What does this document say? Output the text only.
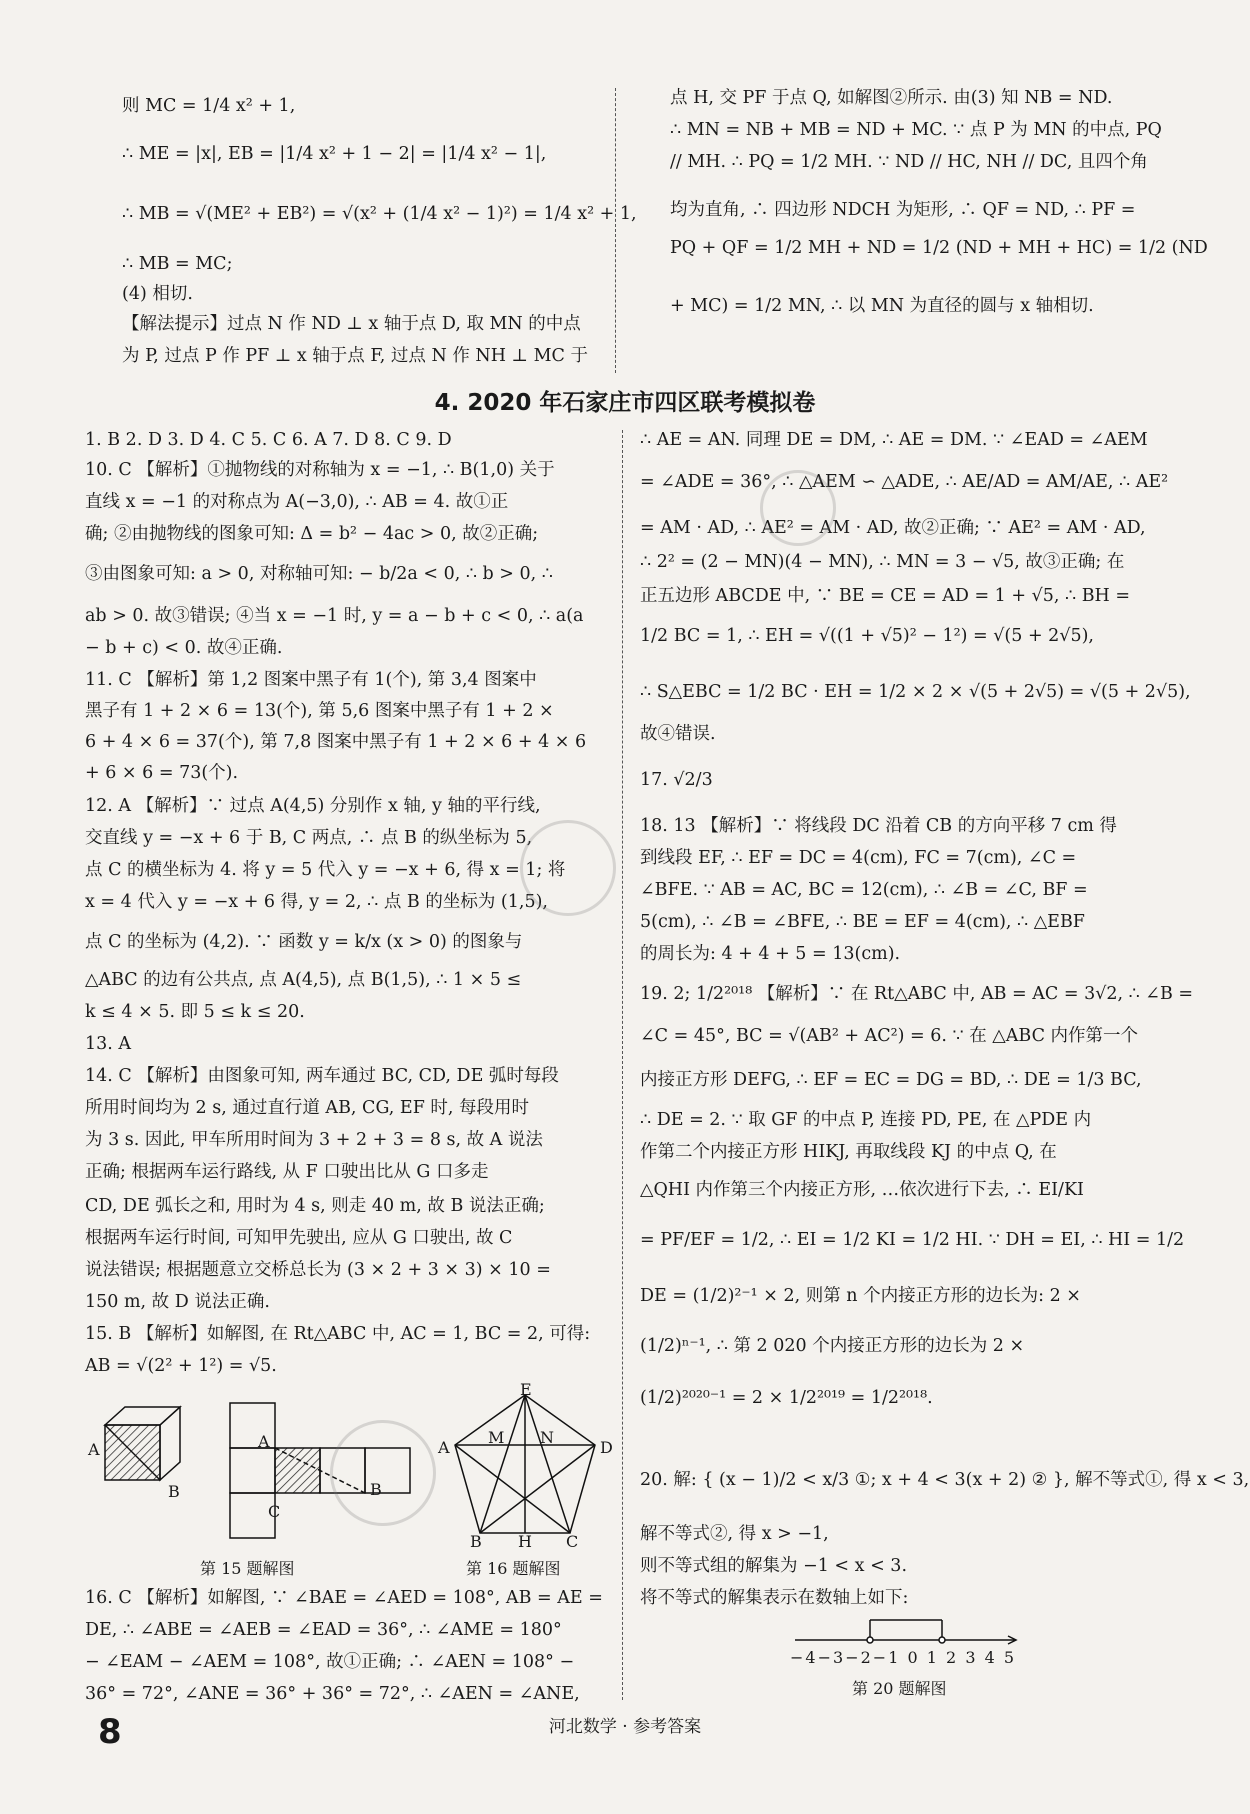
则 MC = 1/4 x² + 1,
∴ ME = |x|, EB = |1/4 x² + 1 − 2| = |1/4 x² − 1|,
∴ MB = √(ME² + EB²) = √(x² + (1/4 x² − 1)²) = 1/4 x² + 1,
∴ MB = MC;
(4) 相切.
【解法提示】过点 N 作 ND ⊥ x 轴于点 D, 取 MN 的中点
为 P, 过点 P 作 PF ⊥ x 轴于点 F, 过点 N 作 NH ⊥ MC 于
点 H, 交 PF 于点 Q, 如解图②所示. 由(3) 知 NB = ND.
∴ MN = NB + MB = ND + MC. ∵ 点 P 为 MN 的中点, PQ
// MH. ∴ PQ = 1/2 MH. ∵ ND // HC, NH // DC, 且四个角
均为直角, ∴ 四边形 NDCH 为矩形, ∴ QF = ND, ∴ PF =
PQ + QF = 1/2 MH + ND = 1/2 (ND + MH + HC) = 1/2 (ND
+ MC) = 1/2 MN, ∴ 以 MN 为直径的圆与 x 轴相切.
4. 2020 年石家庄市四区联考模拟卷
1. B 2. D 3. D 4. C 5. C 6. A 7. D 8. C 9. D
10. C 【解析】①抛物线的对称轴为 x = −1, ∴ B(1,0) 关于
直线 x = −1 的对称点为 A(−3,0), ∴ AB = 4. 故①正
确; ②由抛物线的图象可知: Δ = b² − 4ac > 0, 故②正确;
③由图象可知: a > 0, 对称轴可知: − b/2a < 0, ∴ b > 0, ∴
ab > 0. 故③错误; ④当 x = −1 时, y = a − b + c < 0, ∴ a(a
− b + c) < 0. 故④正确.
11. C 【解析】第 1,2 图案中黑子有 1(个), 第 3,4 图案中
黑子有 1 + 2 × 6 = 13(个), 第 5,6 图案中黑子有 1 + 2 ×
6 + 4 × 6 = 37(个), 第 7,8 图案中黑子有 1 + 2 × 6 + 4 × 6
+ 6 × 6 = 73(个).
12. A 【解析】∵ 过点 A(4,5) 分别作 x 轴, y 轴的平行线,
交直线 y = −x + 6 于 B, C 两点, ∴ 点 B 的纵坐标为 5,
点 C 的横坐标为 4. 将 y = 5 代入 y = −x + 6, 得 x = 1; 将
x = 4 代入 y = −x + 6 得, y = 2, ∴ 点 B 的坐标为 (1,5),
点 C 的坐标为 (4,2). ∵ 函数 y = k/x (x > 0) 的图象与
△ABC 的边有公共点, 点 A(4,5), 点 B(1,5), ∴ 1 × 5 ≤
k ≤ 4 × 5. 即 5 ≤ k ≤ 20.
13. A
14. C 【解析】由图象可知, 两车通过 BC, CD, DE 弧时每段
所用时间均为 2 s, 通过直行道 AB, CG, EF 时, 每段用时
为 3 s. 因此, 甲车所用时间为 3 + 2 + 3 = 8 s, 故 A 说法
正确; 根据两车运行路线, 从 F 口驶出比从 G 口多走
CD, DE 弧长之和, 用时为 4 s, 则走 40 m, 故 B 说法正确;
根据两车运行时间, 可知甲先驶出, 应从 G 口驶出, 故 C
说法错误; 根据题意立交桥总长为 (3 × 2 + 3 × 3) × 10 =
150 m, 故 D 说法正确.
15. B 【解析】如解图, 在 Rt△ABC 中, AC = 1, BC = 2, 可得:
AB = √(2² + 1²) = √5.
A
B
A
B
C
第 15 题解图
E
A	D
M N
B H C
第 16 题解图
16. C 【解析】如解图, ∵ ∠BAE = ∠AED = 108°, AB = AE =
DE, ∴ ∠ABE = ∠AEB = ∠EAD = 36°, ∴ ∠AME = 180°
− ∠EAM − ∠AEM = 108°, 故①正确; ∴ ∠AEN = 108° −
36° = 72°, ∠ANE = 36° + 36° = 72°, ∴ ∠AEN = ∠ANE,
∴ AE = AN. 同理 DE = DM, ∴ AE = DM. ∵ ∠EAD = ∠AEM
= ∠ADE = 36°, ∴ △AEM ∽ △ADE, ∴ AE/AD = AM/AE, ∴ AE²
= AM · AD, ∴ AE² = AM · AD, 故②正确; ∵ AE² = AM · AD,
∴ 2² = (2 − MN)(4 − MN), ∴ MN = 3 − √5, 故③正确; 在
正五边形 ABCDE 中, ∵ BE = CE = AD = 1 + √5, ∴ BH =
1/2 BC = 1, ∴ EH = √((1 + √5)² − 1²) = √(5 + 2√5),
∴ S△EBC = 1/2 BC · EH = 1/2 × 2 × √(5 + 2√5) = √(5 + 2√5),
故④错误.
17. √2/3
18. 13 【解析】∵ 将线段 DC 沿着 CB 的方向平移 7 cm 得
到线段 EF, ∴ EF = DC = 4(cm), FC = 7(cm), ∠C =
∠BFE. ∵ AB = AC, BC = 12(cm), ∴ ∠B = ∠C, BF =
5(cm), ∴ ∠B = ∠BFE, ∴ BE = EF = 4(cm), ∴ △EBF
的周长为: 4 + 4 + 5 = 13(cm).
19. 2; 1/2²⁰¹⁸ 【解析】∵ 在 Rt△ABC 中, AB = AC = 3√2, ∴ ∠B =
∠C = 45°, BC = √(AB² + AC²) = 6. ∵ 在 △ABC 内作第一个
内接正方形 DEFG, ∴ EF = EC = DG = BD, ∴ DE = 1/3 BC,
∴ DE = 2. ∵ 取 GF 的中点 P, 连接 PD, PE, 在 △PDE 内
作第二个内接正方形 HIKJ, 再取线段 KJ 的中点 Q, 在
△QHI 内作第三个内接正方形, …依次进行下去, ∴ EI/KI
= PF/EF = 1/2, ∴ EI = 1/2 KI = 1/2 HI. ∵ DH = EI, ∴ HI = 1/2
DE = (1/2)²⁻¹ × 2, 则第 n 个内接正方形的边长为: 2 ×
(1/2)ⁿ⁻¹, ∴ 第 2 020 个内接正方形的边长为 2 ×
(1/2)²⁰²⁰⁻¹ = 2 × 1/2²⁰¹⁹ = 1/2²⁰¹⁸.
20. 解: { (x − 1)/2 < x/3 ①; x + 4 < 3(x + 2) ② }, 解不等式①, 得 x < 3,
解不等式②, 得 x > −1,
则不等式组的解集为 −1 < x < 3.
将不等式的解集表示在数轴上如下:
−4−3−2−1 0 1 2 3 4 5
第 20 题解图
8	河北数学 · 参考答案
